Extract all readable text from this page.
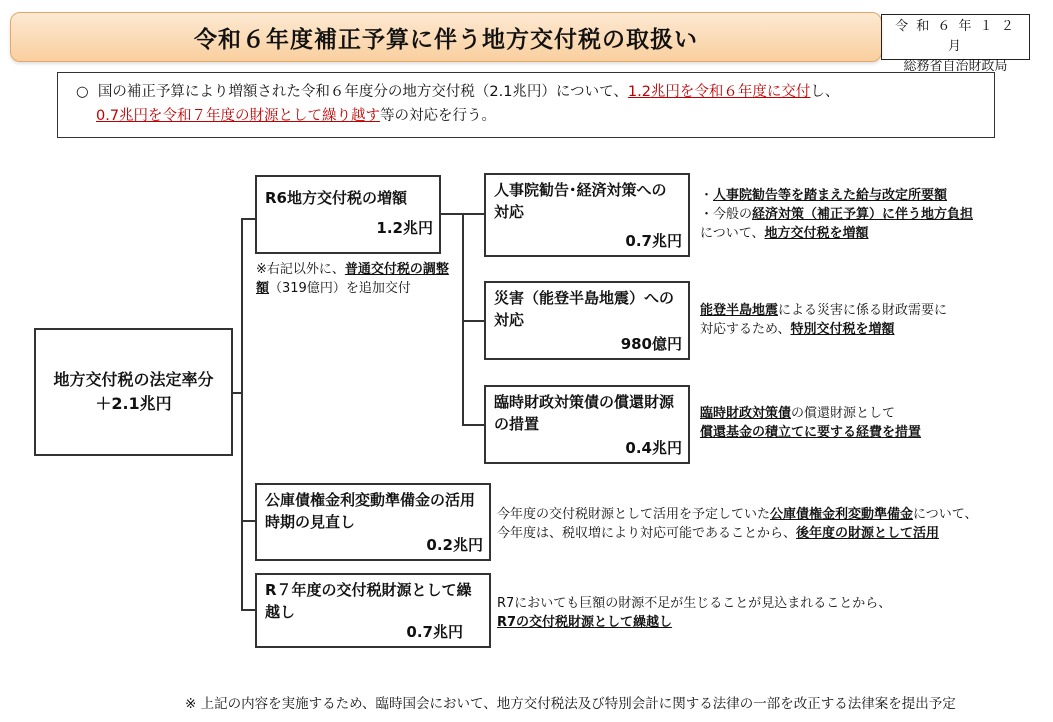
令和６年度補正予算に伴う地方交付税の取扱い	令 和 ６ 年 １ ２ 月
総務省自治財政局
○ 国の補正予算により増額された令和６年度分の地方交付税（2.1兆円）について、1.2兆円を令和６年度に交付し、
0.7兆円を令和７年度の財源として繰り越す等の対応を行う。
地方交付税の法定率分
＋2.1兆円
R6地方交付税の増額
1.2兆円
※右記以外に、普通交付税の調整額（319億円）を追加交付
人事院勧告･経済対策への対応
0.7兆円
・人事院勧告等を踏まえた給与改定所要額
・今般の経済対策（補正予算）に伴う地方負担
について、地方交付税を増額
災害（能登半島地震）への対応
980億円
能登半島地震による災害に係る財政需要に
対応するため、特別交付税を増額
臨時財政対策債の償還財源の措置
0.4兆円
臨時財政対策債の償還財源として
償還基金の積立てに要する経費を措置
公庫債権金利変動準備金の活用時期の見直し
0.2兆円
今年度の交付税財源として活用を予定していた公庫債権金利変動準備金について、
今年度は、税収増により対応可能であることから、後年度の財源として活用
R７年度の交付税財源として繰越し
0.7兆円
R7においても巨額の財源不足が生じることが見込まれることから、
R7の交付税財源として繰越し
※ 上記の内容を実施するため、臨時国会において、地方交付税法及び特別会計に関する法律の一部を改正する法律案を提出予定
